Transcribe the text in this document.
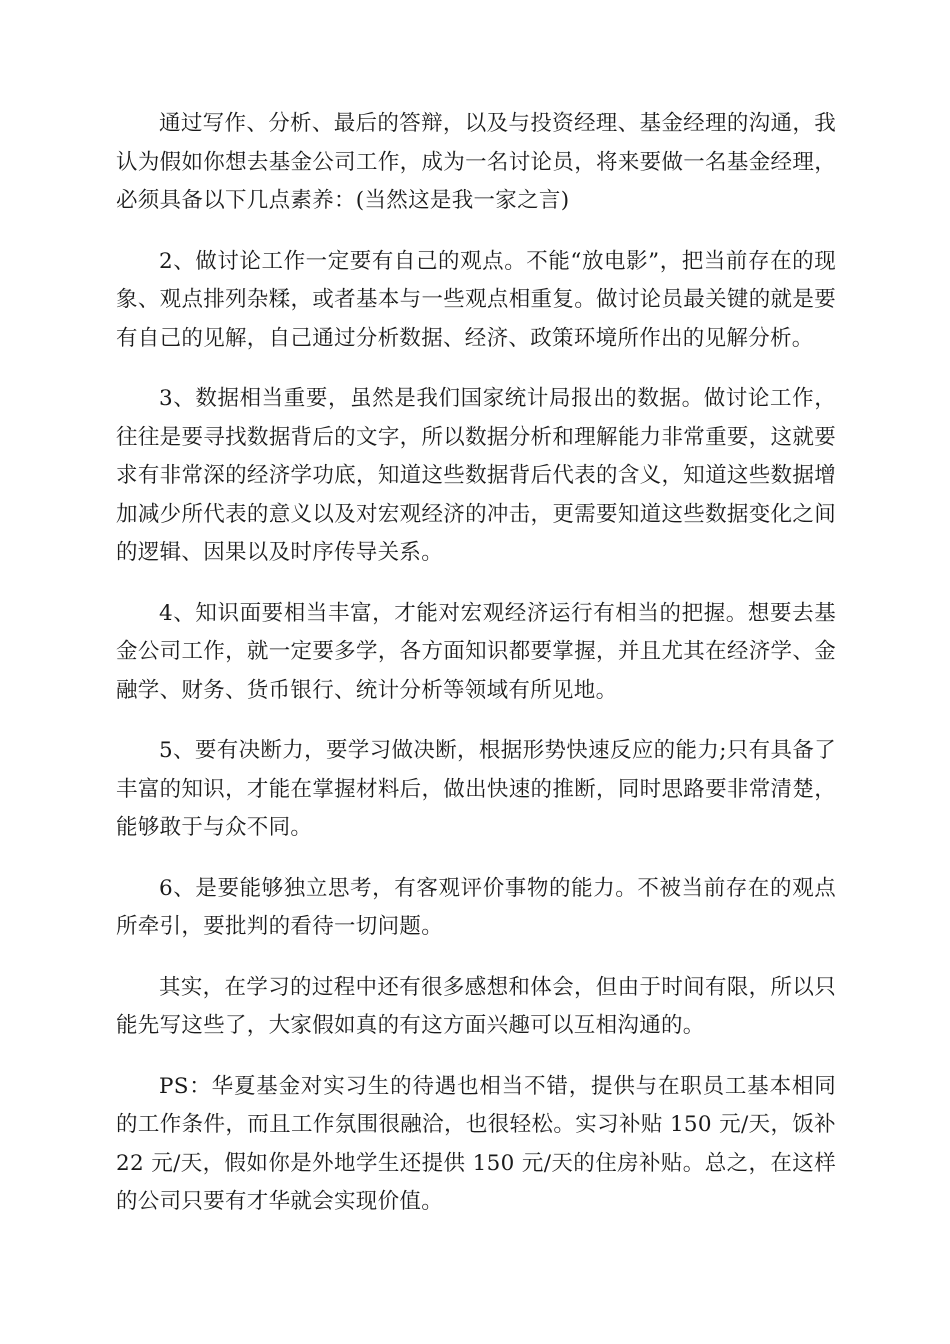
通过写作、分析、最后的答辩，以及与投资经理、基金经理的沟通，我认为假如你想去基金公司工作，成为一名讨论员，将来要做一名基金经理，必须具备以下几点素养：(当然这是我一家之言)

2、做讨论工作一定要有自己的观点。不能“放电影”，把当前存在的现象、观点排列杂糅，或者基本与一些观点相重复。做讨论员最关键的就是要有自己的见解，自己通过分析数据、经济、政策环境所作出的见解分析。

3、数据相当重要，虽然是我们国家统计局报出的数据。做讨论工作，往往是要寻找数据背后的文字，所以数据分析和理解能力非常重要，这就要求有非常深的经济学功底，知道这些数据背后代表的含义，知道这些数据增加减少所代表的意义以及对宏观经济的冲击，更需要知道这些数据变化之间的逻辑、因果以及时序传导关系。

4、知识面要相当丰富，才能对宏观经济运行有相当的把握。想要去基金公司工作，就一定要多学，各方面知识都要掌握，并且尤其在经济学、金融学、财务、货币银行、统计分析等领域有所见地。

5、要有决断力，要学习做决断，根据形势快速反应的能力;只有具备了丰富的知识，才能在掌握材料后，做出快速的推断，同时思路要非常清楚，能够敢于与众不同。

6、是要能够独立思考，有客观评价事物的能力。不被当前存在的观点所牵引，要批判的看待一切问题。

其实，在学习的过程中还有很多感想和体会，但由于时间有限，所以只能先写这些了，大家假如真的有这方面兴趣可以互相沟通的。

PS：华夏基金对实习生的待遇也相当不错，提供与在职员工基本相同的工作条件，而且工作氛围很融洽，也很轻松。实习补贴 150 元/天，饭补 22 元/天，假如你是外地学生还提供 150 元/天的住房补贴。总之，在这样的公司只要有才华就会实现价值。
